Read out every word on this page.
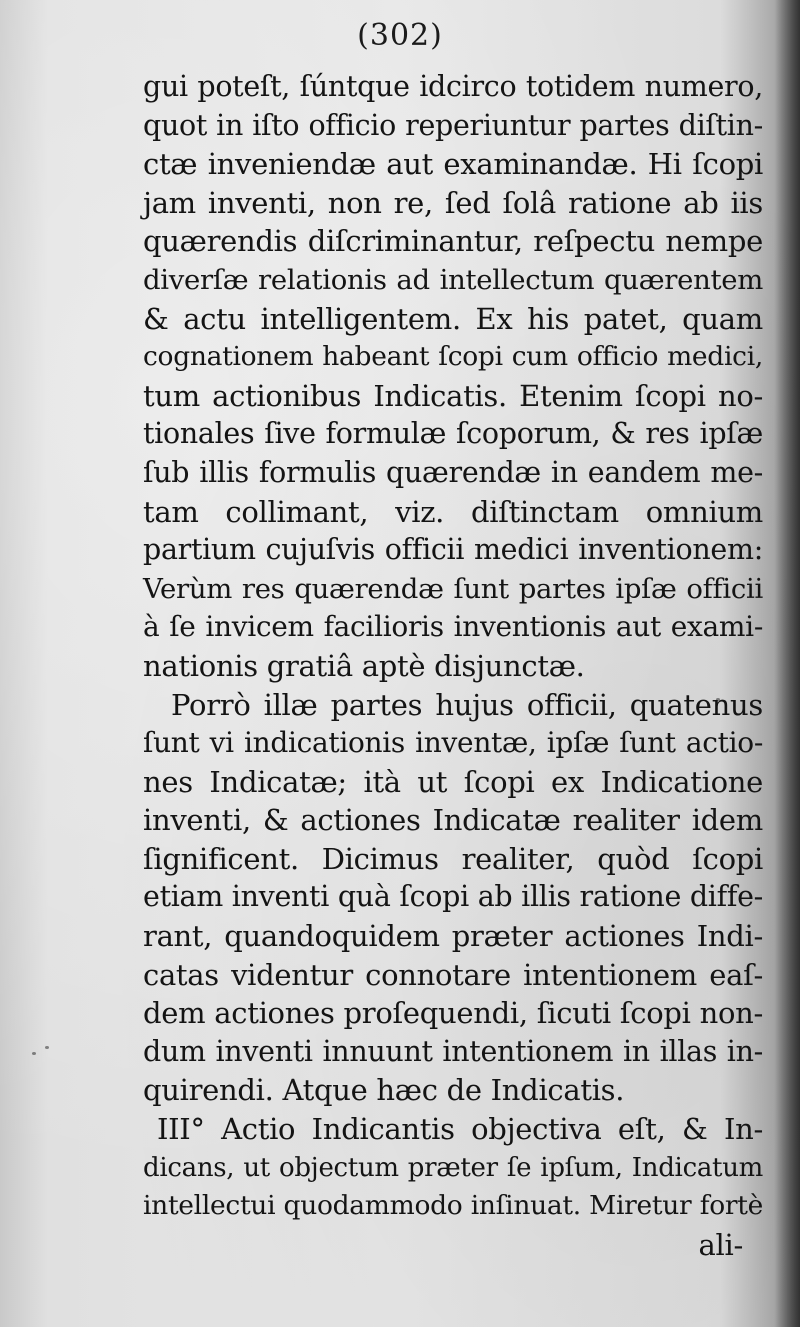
(302)
gui poteſt, ſúntque idcirco totidem numero,
quot in iſto officio reperiuntur partes diſtin-
ctæ inveniendæ aut examinandæ. Hi ſcopi
jam inventi, non re, ſed ſolâ ratione ab iis
quærendis diſcriminantur, reſpectu nempe
diverſæ relationis ad intellectum quærentem
& actu intelligentem. Ex his patet, quam
cognationem habeant ſcopi cum officio medici,
tum actionibus Indicatis. Etenim ſcopi no-
tionales ſive formulæ ſcoporum, & res ipſæ
ſub illis formulis quærendæ in eandem me-
tam collimant, viz. diſtinctam omnium
partium cujuſvis officii medici inventionem:
Verùm res quærendæ ſunt partes ipſæ officii
à ſe invicem facilioris inventionis aut exami-
nationis gratiâ aptè disjunctæ.
Porrò illæ partes hujus officii, quatenus
ſunt vi indicationis inventæ, ipſæ ſunt actio-
nes Indicatæ; ità ut ſcopi ex Indicatione
inventi, & actiones Indicatæ realiter idem
ſignificent. Dicimus realiter, quòd ſcopi
etiam inventi quà ſcopi ab illis ratione diffe-
rant, quandoquidem præter actiones Indi-
catas videntur connotare intentionem eaſ-
dem actiones proſequendi, ſicuti ſcopi non-
dum inventi innuunt intentionem in illas in-
quirendi. Atque hæc de Indicatis.
III° Actio Indicantis objectiva eſt, & In-
dicans, ut objectum præter ſe ipſum, Indicatum
intellectui quodammodo inſinuat. Miretur fortè
ali-
